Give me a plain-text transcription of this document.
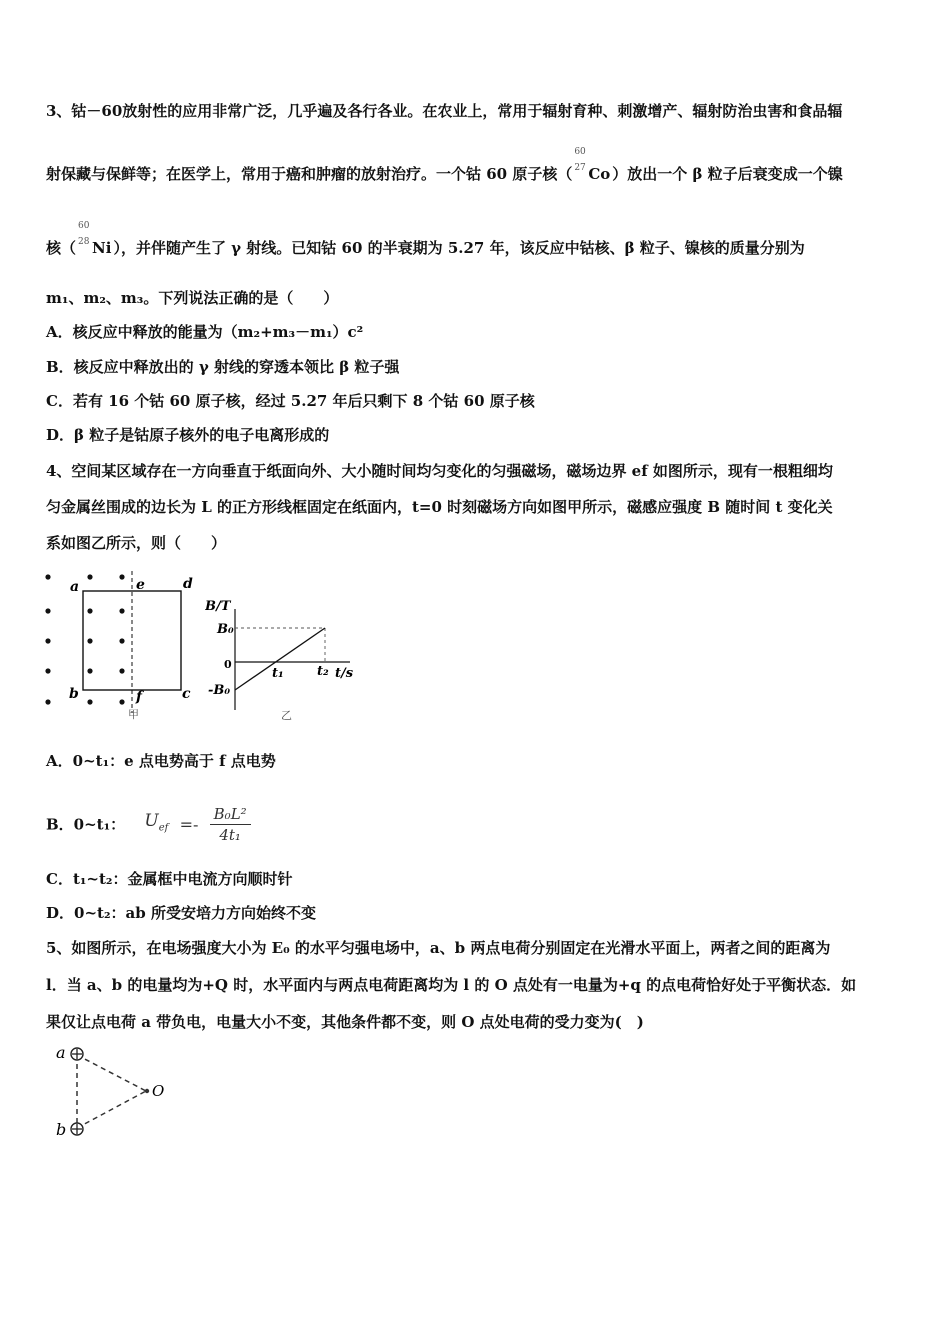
3、钴－60放射性的应用非常广泛，几乎遍及各行各业。在农业上，常用于辐射育种、刺激增产、辐射防治虫害和食品辐
射保藏与保鲜等；在医学上，常用于癌和肿瘤的放射治疗。一个钴 60 原子核（
60
27 Co ）放出一个 β 粒子后衰变成一个镍
核（
60
28 Ni ），并伴随产生了 γ 射线。已知钴 60 的半衰期为 5.27 年，该反应中钴核、β 粒子、镍核的质量分别为
m₁、m₂、m₃。下列说法正确的是（　　）
A．核反应中释放的能量为（m₂+m₃－m₁）c²
B．核反应中释放出的 γ 射线的穿透本领比 β 粒子强
C．若有 16 个钴 60 原子核，经过 5.27 年后只剩下 8 个钴 60 原子核
D．β 粒子是钴原子核外的电子电离形成的
4、空间某区域存在一方向垂直于纸面向外、大小随时间均匀变化的匀强磁场，磁场边界 ef 如图所示，现有一根粗细均
匀金属丝围成的边长为 L 的正方形线框固定在纸面内，t=0 时刻磁场方向如图甲所示，磁感应强度 B 随时间 t 变化关
系如图乙所示，则（　　）
a	e	d
b	f	c
甲
B/T
B₀
0
-B₀
t₁	t₂ t/s
乙
A．0~t₁：e 点电势高于 f 点电势
B．0~t₁： $U_{ef} =- \frac{\text{B₀L²}}{\text{4t₁}}$
C．t₁~t₂：金属框中电流方向顺时针
D．0~t₂：ab 所受安培力方向始终不变
5、如图所示，在电场强度大小为 E₀ 的水平匀强电场中，a、b 两点电荷分别固定在光滑水平面上，两者之间的距离为
l．当 a、b 的电量均为+Q 时，水平面内与两点电荷距离均为 l 的 O 点处有一电量为+q 的点电荷恰好处于平衡状态．如
果仅让点电荷 a 带负电，电量大小不变，其他条件都不变，则 O 点处电荷的受力变为(　)
a
b
O
